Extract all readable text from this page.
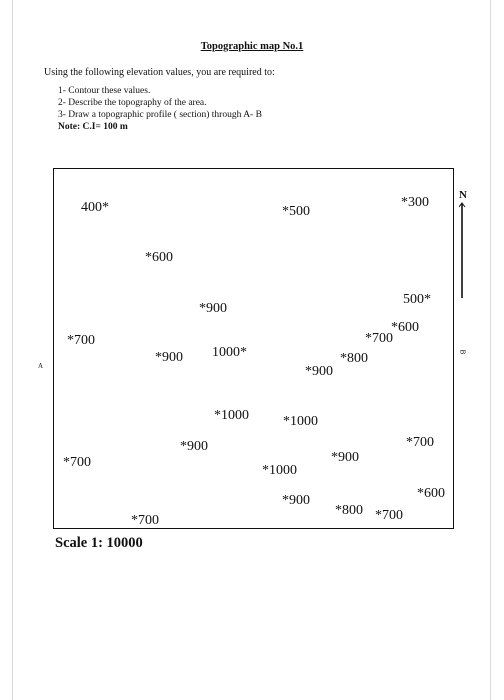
Topographic map No.1
Using the following elevation values, you are required to:
1- Contour these values.
2- Describe the topography of the area.
3- Draw a topographic profile ( section) through A- B
Note: C.I= 100 m
400*	*500
*300
*600
*900
500*
*700
*600
*700
*900 1000*	*800
*900
*1000 *1000
*900	*700
*700	*900
*1000
*600
*900
*800 *700
*700
N
A
B
Scale 1: 10000
